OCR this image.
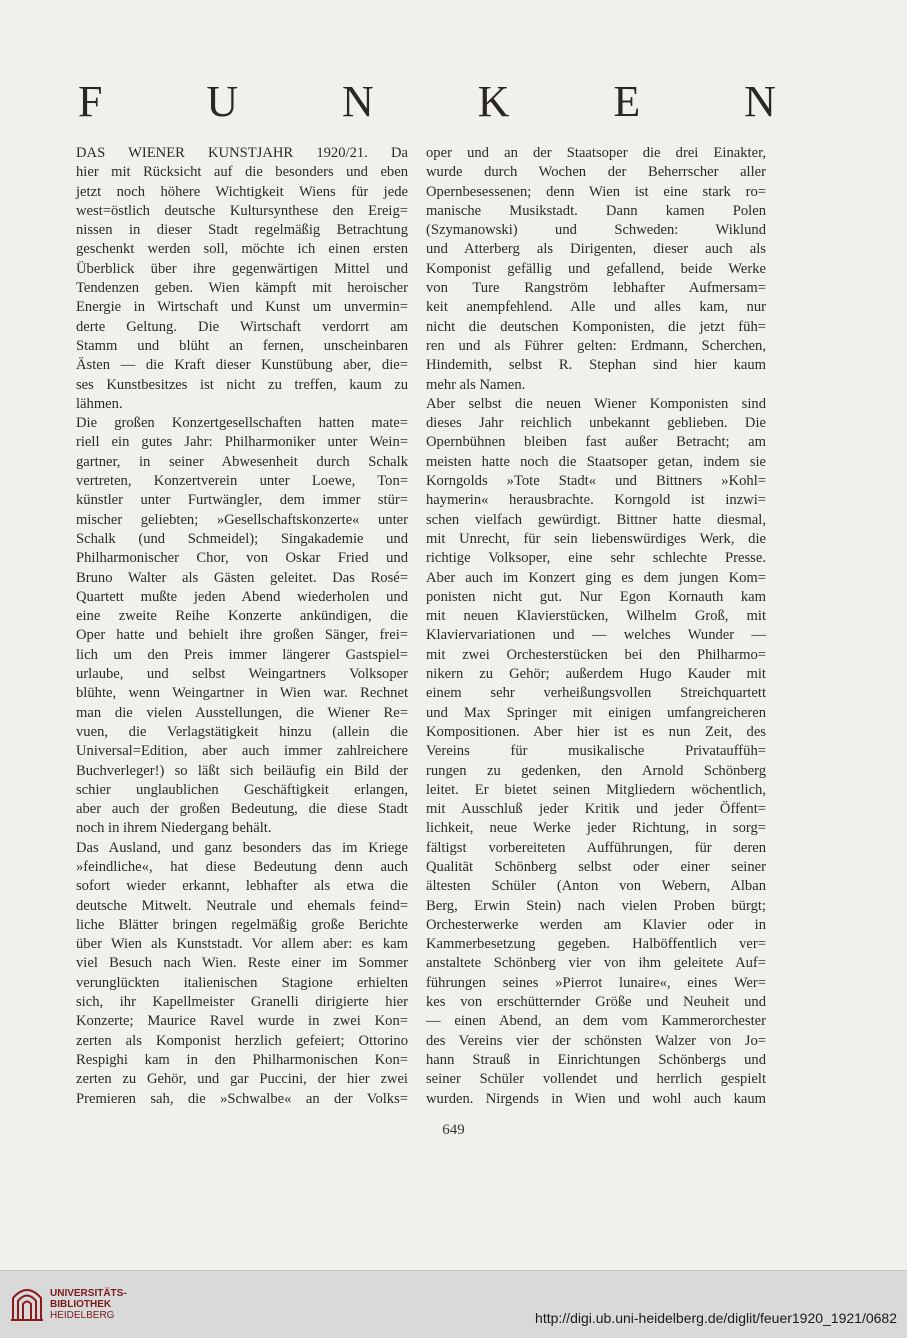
F U N K E N
DAS WIENER KUNSTJAHR 1920/21. Da
hier mit Rücksicht auf die besonders und eben
jetzt noch höhere Wichtigkeit Wiens für jede
west=östlich deutsche Kultursynthese den Ereig=
nissen in dieser Stadt regelmäßig Betrachtung
geschenkt werden soll, möchte ich einen ersten
Überblick über ihre gegenwärtigen Mittel und
Tendenzen geben. Wien kämpft mit heroischer
Energie in Wirtschaft und Kunst um unvermin=
derte Geltung. Die Wirtschaft verdorrt am
Stamm und blüht an fernen, unscheinbaren
Ästen — die Kraft dieser Kunstübung aber, die=
ses Kunstbesitzes ist nicht zu treffen, kaum zu
lähmen.
Die großen Konzertgesellschaften hatten mate=
riell ein gutes Jahr: Philharmoniker unter Wein=
gartner, in seiner Abwesenheit durch Schalk
vertreten, Konzertverein unter Loewe, Ton=
künstler unter Furtwängler, dem immer stür=
mischer geliebten; »Gesellschaftskonzerte« unter
Schalk (und Schmeidel); Singakademie und
Philharmonischer Chor, von Oskar Fried und
Bruno Walter als Gästen geleitet. Das Rosé=
Quartett mußte jeden Abend wiederholen und
eine zweite Reihe Konzerte ankündigen, die
Oper hatte und behielt ihre großen Sänger, frei=
lich um den Preis immer längerer Gastspiel=
urlaube, und selbst Weingartners Volksoper
blühte, wenn Weingartner in Wien war. Rechnet
man die vielen Ausstellungen, die Wiener Re=
vuen, die Verlagstätigkeit hinzu (allein die
Universal=Edition, aber auch immer zahlreichere
Buchverleger!) so läßt sich beiläufig ein Bild der
schier unglaublichen Geschäftigkeit erlangen,
aber auch der großen Bedeutung, die diese Stadt
noch in ihrem Niedergang behält.
Das Ausland, und ganz besonders das im Kriege
»feindliche«, hat diese Bedeutung denn auch
sofort wieder erkannt, lebhafter als etwa die
deutsche Mitwelt. Neutrale und ehemals feind=
liche Blätter bringen regelmäßig große Berichte
über Wien als Kunststadt. Vor allem aber: es kam
viel Besuch nach Wien. Reste einer im Sommer
verunglückten italienischen Stagione erhielten
sich, ihr Kapellmeister Granelli dirigierte hier
Konzerte; Maurice Ravel wurde in zwei Kon=
zerten als Komponist herzlich gefeiert; Ottorino
Respighi kam in den Philharmonischen Kon=
zerten zu Gehör, und gar Puccini, der hier zwei
Premieren sah, die »Schwalbe« an der Volks=
oper und an der Staatsoper die drei Einakter,
wurde durch Wochen der Beherrscher aller
Opernbesessenen; denn Wien ist eine stark ro=
manische Musikstadt. Dann kamen Polen
(Szymanowski) und Schweden: Wiklund
und Atterberg als Dirigenten, dieser auch als
Komponist gefällig und gefallend, beide Werke
von Ture Rangström lebhafter Aufmersam=
keit anempfehlend. Alle und alles kam, nur
nicht die deutschen Komponisten, die jetzt füh=
ren und als Führer gelten: Erdmann, Scherchen,
Hindemith, selbst R. Stephan sind hier kaum
mehr als Namen.
Aber selbst die neuen Wiener Komponisten sind
dieses Jahr reichlich unbekannt geblieben. Die
Opernbühnen bleiben fast außer Betracht; am
meisten hatte noch die Staatsoper getan, indem sie
Korngolds »Tote Stadt« und Bittners »Kohl=
haymerin« herausbrachte. Korngold ist inzwi=
schen vielfach gewürdigt. Bittner hatte diesmal,
mit Unrecht, für sein liebenswürdiges Werk, die
richtige Volksoper, eine sehr schlechte Presse.
Aber auch im Konzert ging es dem jungen Kom=
ponisten nicht gut. Nur Egon Kornauth kam
mit neuen Klavierstücken, Wilhelm Groß, mit
Klaviervariationen und — welches Wunder —
mit zwei Orchesterstücken bei den Philharmo=
nikern zu Gehör; außerdem Hugo Kauder mit
einem sehr verheißungsvollen Streichquartett
und Max Springer mit einigen umfangreicheren
Kompositionen. Aber hier ist es nun Zeit, des
Vereins für musikalische Privatauffüh=
rungen zu gedenken, den Arnold Schönberg
leitet. Er bietet seinen Mitgliedern wöchentlich,
mit Ausschluß jeder Kritik und jeder Öffent=
lichkeit, neue Werke jeder Richtung, in sorg=
fältigst vorbereiteten Aufführungen, für deren
Qualität Schönberg selbst oder einer seiner
ältesten Schüler (Anton von Webern, Alban
Berg, Erwin Stein) nach vielen Proben bürgt;
Orchesterwerke werden am Klavier oder in
Kammerbesetzung gegeben. Halböffentlich ver=
anstaltete Schönberg vier von ihm geleitete Auf=
führungen seines »Pierrot lunaire«, eines Wer=
kes von erschütternder Größe und Neuheit und
— einen Abend, an dem vom Kammerorchester
des Vereins vier der schönsten Walzer von Jo=
hann Strauß in Einrichtungen Schönbergs und
seiner Schüler vollendet und herrlich gespielt
wurden. Nirgends in Wien und wohl auch kaum
649
UNIVERSITÄTS-
BIBLIOTHEK
HEIDELBERG	http://digi.ub.uni-heidelberg.de/diglit/feuer1920_1921/0682
